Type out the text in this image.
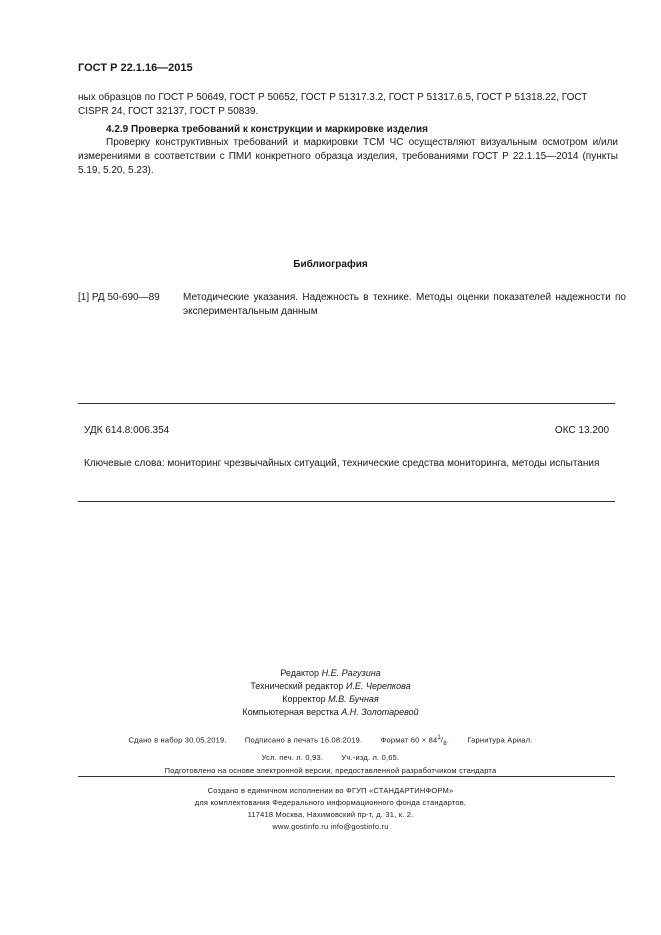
ГОСТ Р 22.1.16—2015
ных образцов по ГОСТ Р 50649, ГОСТ Р 50652, ГОСТ Р 51317.3.2, ГОСТ Р 51317.6.5, ГОСТ Р 51318.22, ГОСТ CISPR 24, ГОСТ 32137, ГОСТ Р 50839.
4.2.9 Проверка требований к конструкции и маркировке изделия
Проверку конструктивных требований и маркировки ТСМ ЧС осуществляют визуальным осмотром и/или измерениями в соответствии с ПМИ конкретного образца изделия, требованиями ГОСТ Р 22.1.15—2014 (пункты 5.19, 5.20, 5.23).
Библиография
[1] РД 50-690—89 Методические указания. Надежность в технике. Методы оценки показателей надежности по экспериментальным данным
УДК 614.8:006.354	ОКС 13.200
Ключевые слова: мониторинг чрезвычайных ситуаций, технические средства мониторинга, методы испытания
Редактор Н.Е. Рагузина
Технический редактор И.Е. Черепкова
Корректор М.В. Бучная
Компьютерная верстка А.Н. Золотаревой
Сдано в набор 30.05.2019. Подписано в печать 16.08.2019. Формат $60 \times 84^1/_8$. Гарнитура Ариал.
Усл. печ. л. 0,93. Уч.-изд. л. 0,65.
Подготовлено на основе электронной версии, предоставленной разработчиком стандарта
Создано в единичном исполнении во ФГУП «СТАНДАРТИНФОРМ»
для комплектования Федерального информационного фонда стандартов,
117418 Москва, Нахимовский пр-т, д. 31, к. 2.
www.gostinfo.ru info@gostinfo.ru
